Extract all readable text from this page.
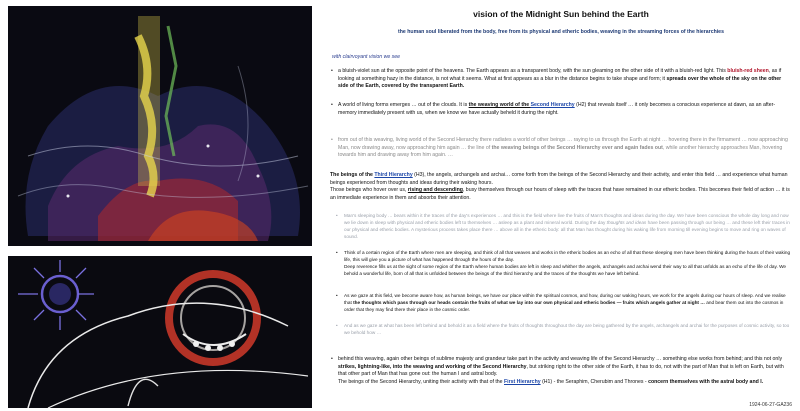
vision of the Midnight Sun behind the Earth
the human soul liberated from the body, free from its physical and etheric bodies, weaving in the streaming forces of the hierarchies
with clairvoyant vision we see

• a bluish-violet sun at the opposite point of the heavens. The Earth appears as a transparent body, with the sun gleaming on the other side of it with a bluish-red light. This bluish-red sheen, as if looking at something hazy in the distance, is not what it seems. What at first appears as a blur in the distance begins to take shape and form; it spreads over the whole of the sky on the other side of the Earth, covered by the transparent Earth.

• A world of living forms emerges … out of the clouds. It is the weaving world of the Second Hierarchy (H2) that reveals itself … it only becomes a conscious experience at dawn, as an after-memory immediately present with us, when we know we have actually beheld it during the night.

• from out of this weaving, living world of the Second Hierarchy there radiates a world of other beings … raying to us through the Earth at night … hovering there in the firmament … now approaching Man, now drawing away, now approaching him again … the line of the weaving beings of the Second Hierarchy ever and again fades out, while another hierarchy approaches Man, hovering towards him and drawing away from him again. …

The beings of the Third Hierarchy (H3), the angels, archangels and archai… come forth from the beings of the Second Hierarchy and their activity, and enter this field … and experience what human beings experienced from thoughts and ideas during their waking hours.
Those beings who hover over us, rising and descending, busy themselves through our hours of sleep with the traces that have remained in our etheric bodies. This becomes their field of action … it is an immediate experience in them and absorbs their attention.

• Man's sleeping body … bears within it the traces of the day's experiences … and this is the field where live the fruits of Man's thoughts and ideas during the day. We have been conscious the whole day long and now we lie down in sleep with physical and etheric bodies left to themselves … asleep as a plant and mineral world. During the day thoughts and ideas have been passing through our being … and these left their traces in our physical and etheric bodies. A mysterious process takes place there … above all in the etheric body: all that Man has thought during his waking life from morning till evening begins to move and ring on waves of sound.

• Think of a certain region of the Earth where men are sleeping, and think of all that weaves and works in the etheric bodies as an echo of all that these sleeping men have been thinking during the hours of their waking life, this will give you a picture of what has happened through the hours of the day.
Deep reverence fills us at the sight of some region of the Earth where human bodies are left in sleep and whither the angels, archangels and archai wend their way to all that unfolds as an echo of the life of day. We behold a wonderful life, born of all that is unfolded between the beings of the third hierarchy and the traces of the thoughts we have left behind.

• As we gaze at this field, we become aware how, as human beings, we have our place within the spiritual cosmos, and how, during our waking hours, we work for the angels during our hours of sleep. And we realise that the thoughts which pass through our heads contain the fruits of what we lay into our own physical and etheric bodies — fruits which angels gather at night … and bear them out into the cosmos in order that they may find there their place in the cosmic order.

• And as we gaze at what has been left behind and behold it as a field where the fruits of thoughts throughout the day are being gathered by the angels, archangels and archai for the purposes of cosmic activity, so too we behold how …

• behind this weaving, again other beings of sublime majesty and grandeur take part in the activity and weaving life of the Second Hierarchy … something else works from behind; and this not only strikes, lightning-like, into the weaving and working of the Second Hierarchy, but striking right to the other side of the Earth, it has to do, not with the part of Man that is left on Earth, but with that other part of Man that has gone out: the human I and astral body.
The beings of the Second Hierarchy, uniting their activity with that of the First Hierarchy (H1) - the Seraphim, Cherubim and Thrones - concern themselves with the astral body and I.

1924-06-27-GA236
